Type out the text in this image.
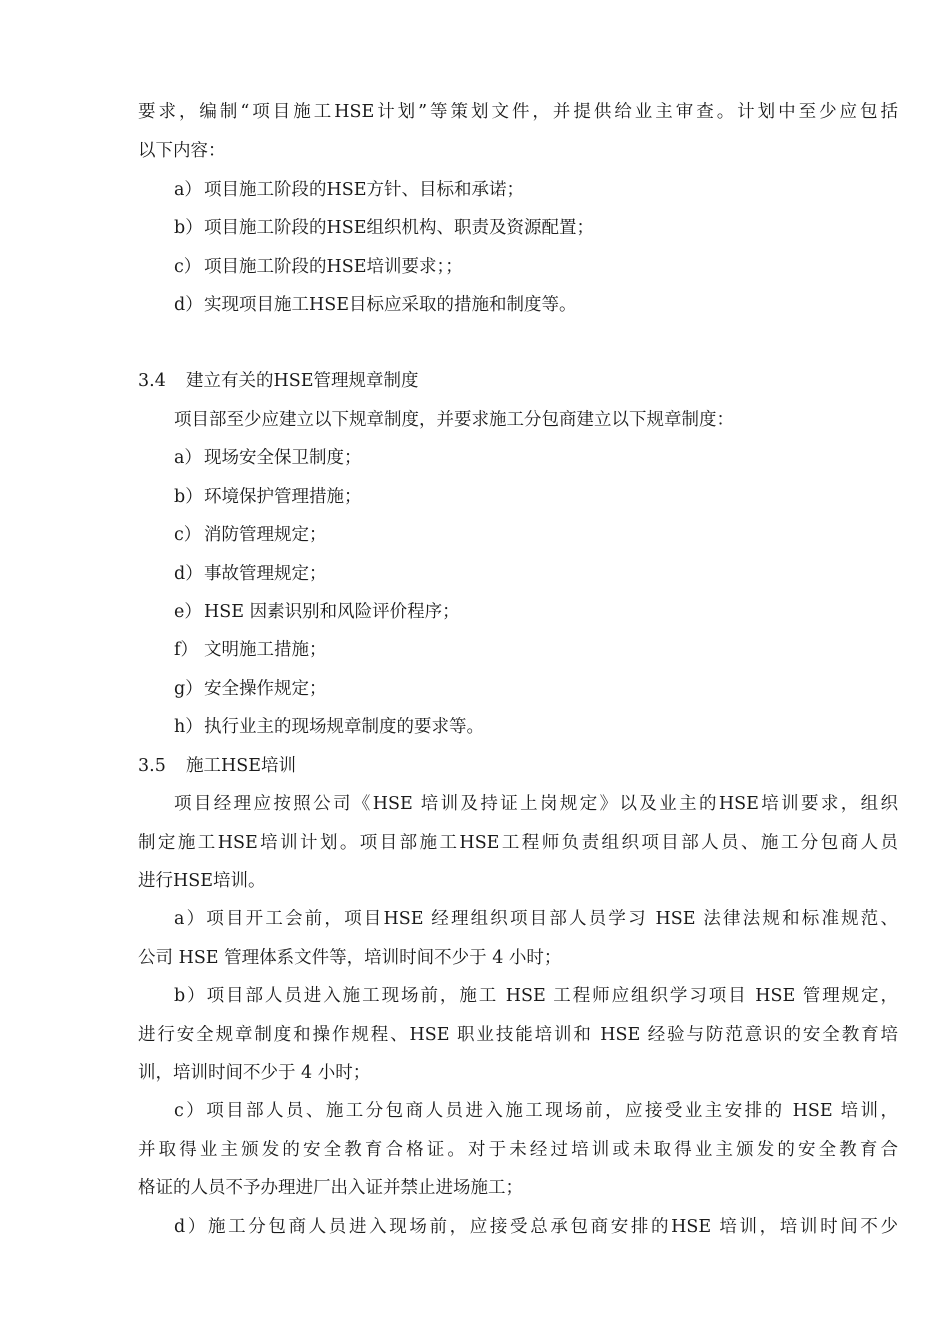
要求，编制“项目施工HSE计划”等策划文件，并提供给业主审查。计划中至少应包括
以下内容：
a） 项目施工阶段的HSE方针、目标和承诺；
b）项目施工阶段的HSE组织机构、职责及资源配置；
c） 项目施工阶段的HSE培训要求；；
d）实现项目施工HSE目标应采取的措施和制度等。
3.4 建立有关的HSE管理规章制度
项目部至少应建立以下规章制度，并要求施工分包商建立以下规章制度：
a） 现场安全保卫制度；
b）环境保护管理措施；
c） 消防管理规定；
d）事故管理规定；
e） HSE 因素识别和风险评价程序；
f） 文明施工措施；
g）安全操作规定；
h）执行业主的现场规章制度的要求等。
3.5 施工HSE培训
项目经理应按照公司《HSE 培训及持证上岗规定》以及业主的HSE培训要求，组织
制定施工HSE培训计划。项目部施工HSE工程师负责组织项目部人员、施工分包商人员
进行HSE培训。
a）项目开工会前，项目HSE 经理组织项目部人员学习 HSE 法律法规和标准规范、
公司 HSE 管理体系文件等，培训时间不少于 4 小时；
b）项目部人员进入施工现场前，施工 HSE 工程师应组织学习项目 HSE 管理规定，
进行安全规章制度和操作规程、HSE 职业技能培训和 HSE 经验与防范意识的安全教育培
训，培训时间不少于 4 小时；
c）项目部人员、施工分包商人员进入施工现场前，应接受业主安排的 HSE 培训，
并取得业主颁发的安全教育合格证。对于未经过培训或未取得业主颁发的安全教育合
格证的人员不予办理进厂出入证并禁止进场施工；
d）施工分包商人员进入现场前，应接受总承包商安排的HSE 培训，培训时间不少
